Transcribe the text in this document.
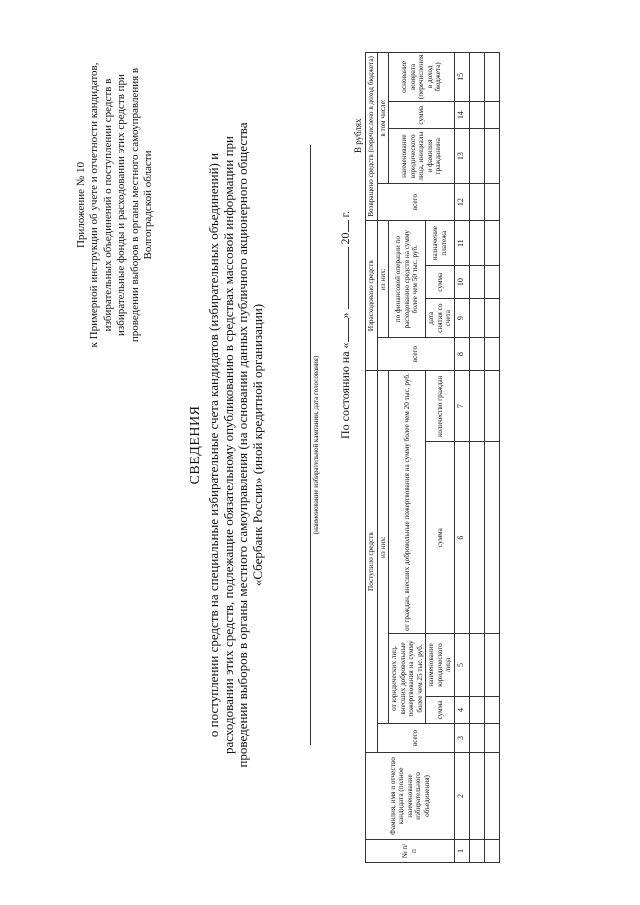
Приложение № 10 к Примерной инструкции об учете и отчетности кандидатов, избирательных объединений о поступлении средств в избирательные фонды и расходовании этих средств при проведении выборов в органы местного самоуправления в Волгоградской области
СВЕДЕНИЯ о поступлении средств на специальные избирательные счета кандидатов (избирательных объединений) и расходовании этих средств, подлежащие обязательному опубликованию в средствах массовой информации при проведении выборов в органы местного самоуправления (на основании данных публичного акционерного общества «Сбербанк России» (иной кредитной организации)	(наименование избирательной кампании, дата голосования) По состоянию на «»  20 г.
В рублях
№ п/п	Фамилия, имя и отчество кандидата (полное наименование избирательного объединения)	Поступило средств					Израсходовано средств				Возвращено средств (перечислено в доход бюджета)			
		всего	из них:				всего	из них:			всего	в том числе:		
			от юридических лиц, внесших добровольные пожертвования на сумму более чем 25 тыс. руб.		от граждан, внесших добровольные пожертвования на сумму более чем 20 тыс. руб.			по финансовой операции по расходованию средств на сумму более чем 50 тыс. руб.				наименование юридического лица, инициалы и фамилия гражданина	сумма	основание возврата (перечисления в доход бюджета)
			сумма	наименование юридического лица	сумма	количество граждан		дата снятия со счета	сумма	назначение платежа				
1	2	3	4	5	6	7	8	9	10	11	12	13	14	15
